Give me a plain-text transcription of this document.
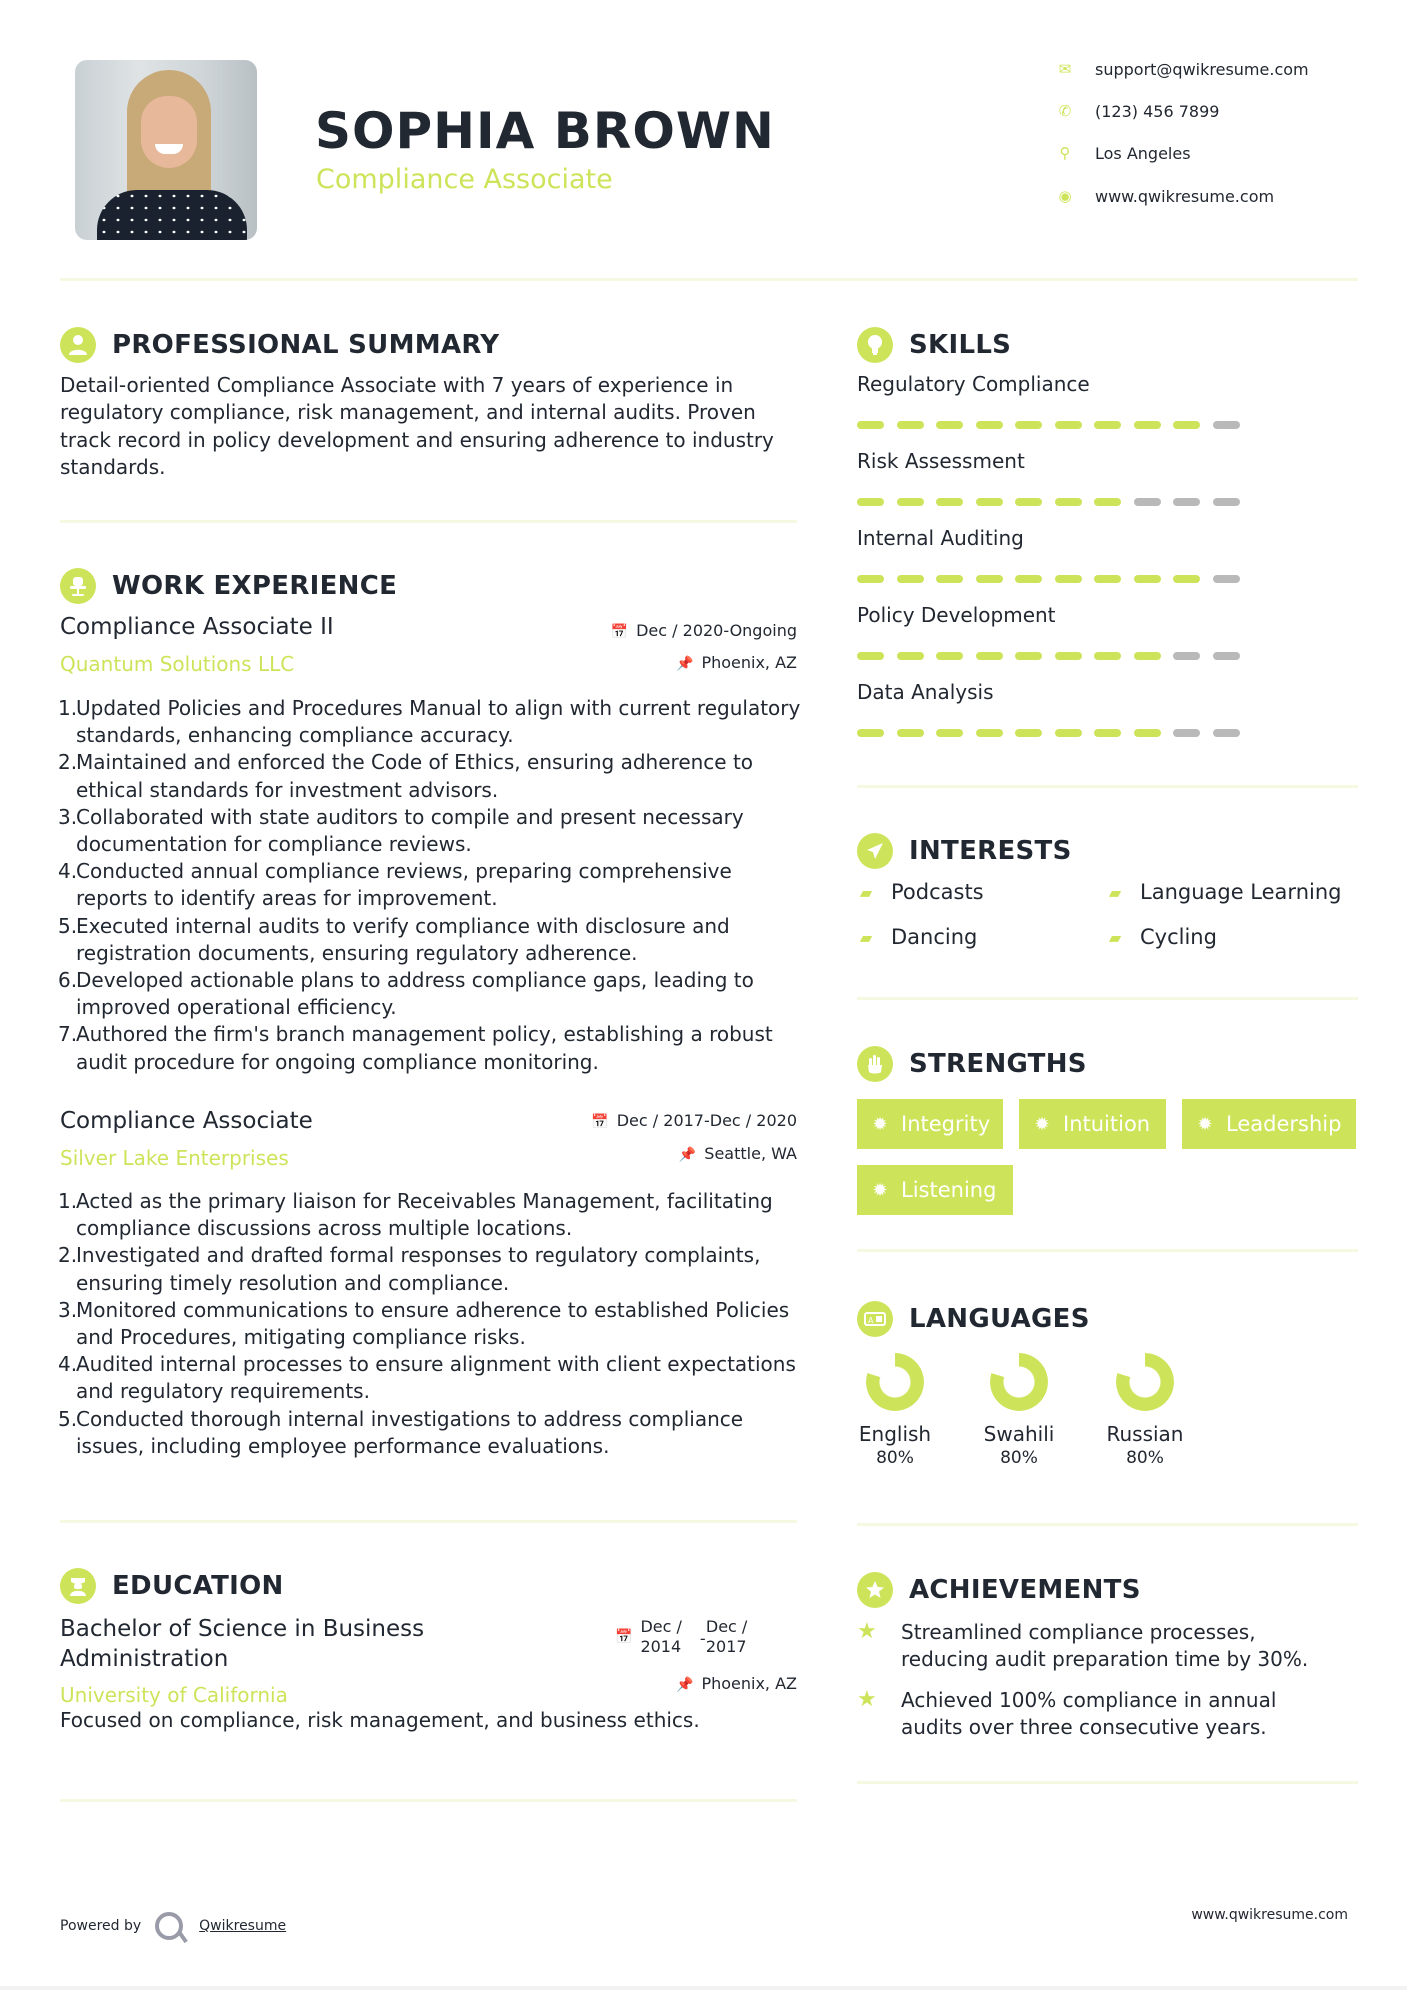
SOPHIA BROWN
Compliance Associate
✉ support@qwikresume.com
✆ (123) 456 7899
⚲	Los Angeles
◉ www.qwikresume.com
PROFESSIONAL SUMMARY
Detail-oriented Compliance Associate with 7 years of experience in regulatory compliance, risk management, and internal audits. Proven track record in policy development and ensuring adherence to industry standards.
WORK EXPERIENCE
Compliance Associate II	📅 Dec / 2020-Ongoing
Quantum Solutions LLC	📌 Phoenix, AZ
1.
Updated Policies and Procedures Manual to align with current regulatory standards, enhancing compliance accuracy.
2.
Maintained and enforced the Code of Ethics, ensuring adherence to ethical standards for investment advisors.
3.
Collaborated with state auditors to compile and present necessary documentation for compliance reviews.
4.
Conducted annual compliance reviews, preparing comprehensive reports to identify areas for improvement.
5.
Executed internal audits to verify compliance with disclosure and registration documents, ensuring regulatory adherence.
6.
Developed actionable plans to address compliance gaps, leading to improved operational efficiency.
7.
Authored the firm's branch management policy, establishing a robust audit procedure for ongoing compliance monitoring.
Compliance Associate	📅 Dec / 2017-Dec / 2020
Silver Lake Enterprises	📌 Seattle, WA
1.
Acted as the primary liaison for Receivables Management, facilitating compliance discussions across multiple locations.
2.
Investigated and drafted formal responses to regulatory complaints, ensuring timely resolution and compliance.
3.
Monitored communications to ensure adherence to established Policies and Procedures, mitigating compliance risks.
4.
Audited internal processes to ensure alignment with client expectations and regulatory requirements.
5.
Conducted thorough internal investigations to address compliance issues, including employee performance evaluations.
EDUCATION
Bachelor of Science in Business
Administration
📅
Dec /
2014 -
Dec /
2017
University of California	📌 Phoenix, AZ
Focused on compliance, risk management, and business ethics.
SKILLS
Regulatory Compliance
Risk Assessment
Internal Auditing
Policy Development
Data Analysis
INTERESTS
▰ Podcasts	▰ Language Learning
▰ Dancing	▰ Cycling
STRENGTHS
✹ Integrity ✹ Intuition	✹ Leadership
✹ Listening
A LANGUAGES
English
80%
Swahili
80%
Russian
80%
ACHIEVEMENTS
★	Streamlined compliance processes, reducing audit preparation time by 30%.
★	Achieved 100% compliance in annual audits over three consecutive years.
Powered by	Qwikresume
www.qwikresume.com
